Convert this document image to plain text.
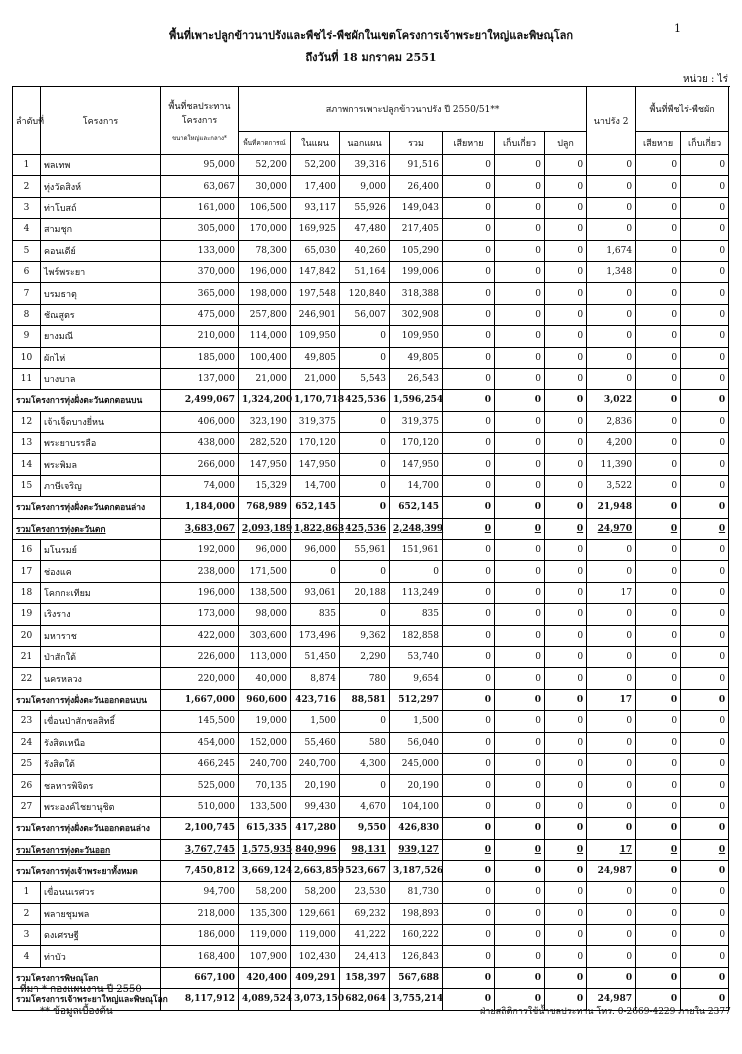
1
พื้นที่เพาะปลูกข้าวนาปรังและพืชไร่-พืชผักในเขตโครงการเจ้าพระยาใหญ่และพิษณุโลก
ถึงวันที่ 18 มกราคม 2551
หน่วย : ไร่
ลำดับที่	โครงการ	พื้นที่ชลประทานโครงการ
ขนาดใหญ่และกลาง*	สภาพการเพาะปลูกข้าวนาปรัง ปี 2550/51**							นาปรัง 2	พื้นที่พืชไร่-พืชผัก	
			พื้นที่คาดการณ์	ในแผน	นอกแผน	รวม	เสียหาย	เก็บเกี่ยว	ปลูก		เสียหาย	เก็บเกี่ยว
1	พลเทพ	95,000	52,200	52,200	39,316	91,516	0	0	0	0	0	0
2	ทุ่งวัดสิงห์	63,067	30,000	17,400	9,000	26,400	0	0	0	0	0	0
3	ท่าโบสถ์	161,000	106,500	93,117	55,926	149,043	0	0	0	0	0	0
4	สามชุก	305,000	170,000	169,925	47,480	217,405	0	0	0	0	0	0
5	คอนเดีย์	133,000	78,300	65,030	40,260	105,290	0	0	0	1,674	0	0
6	ไพร์พระยา	370,000	196,000	147,842	51,164	199,006	0	0	0	1,348	0	0
7	บรมธาตุ	365,000	198,000	197,548	120,840	318,388	0	0	0	0	0	0
8	ชัณสูตร	475,000	257,800	246,901	56,007	302,908	0	0	0	0	0	0
9	ยางมณี	210,000	114,000	109,950	0	109,950	0	0	0	0	0	0
10	ผักไห่	185,000	100,400	49,805	0	49,805	0	0	0	0	0	0
11	บางบาล	137,000	21,000	21,000	5,543	26,543	0	0	0	0	0	0
รวมโครงการทุ่งฝั่งตะวันตกตอนบน		2,499,067	1,324,200	1,170,718	425,536	1,596,254	0	0	0	3,022	0	0
12	เจ้าเจ็ดบางยี่หน	406,000	323,190	319,375	0	319,375	0	0	0	2,836	0	0
13	พระยาบรรลือ	438,000	282,520	170,120	0	170,120	0	0	0	4,200	0	0
14	พระพิมล	266,000	147,950	147,950	0	147,950	0	0	0	11,390	0	0
15	ภาษีเจริญ	74,000	15,329	14,700	0	14,700	0	0	0	3,522	0	0
รวมโครงการทุ่งฝั่งตะวันตกตอนล่าง		1,184,000	768,989	652,145	0	652,145	0	0	0	21,948	0	0
รวมโครงการทุ่งตะวันตก		3,683,067	2,093,189	1,822,863	425,536	2,248,399	0	0	0	24,970	0	0
16	มโนรมย์	192,000	96,000	96,000	55,961	151,961	0	0	0	0	0	0
17	ช่องแค	238,000	171,500	0	0	0	0	0	0	0	0	0
18	โคกกะเทียม	196,000	138,500	93,061	20,188	113,249	0	0	0	17	0	0
19	เริงราง	173,000	98,000	835	0	835	0	0	0	0	0	0
20	มหาราช	422,000	303,600	173,496	9,362	182,858	0	0	0	0	0	0
21	ป่าสักใต้	226,000	113,000	51,450	2,290	53,740	0	0	0	0	0	0
22	นครหลวง	220,000	40,000	8,874	780	9,654	0	0	0	0	0	0
รวมโครงการทุ่งฝั่งตะวันออกตอนบน		1,667,000	960,600	423,716	88,581	512,297	0	0	0	17	0	0
23	เขื่อนป่าสักชลสิทธิ์	145,500	19,000	1,500	0	1,500	0	0	0	0	0	0
24	รังสิตเหนือ	454,000	152,000	55,460	580	56,040	0	0	0	0	0	0
25	รังสิตใต้	466,245	240,700	240,700	4,300	245,000	0	0	0	0	0	0
26	ชลหารพิจิตร	525,000	70,135	20,190	0	20,190	0	0	0	0	0	0
27	พระองค์ไชยานุชิต	510,000	133,500	99,430	4,670	104,100	0	0	0	0	0	0
รวมโครงการทุ่งฝั่งตะวันออกตอนล่าง		2,100,745	615,335	417,280	9,550	426,830	0	0	0	0	0	0
รวมโครงการทุ่งตะวันออก		3,767,745	1,575,935	840,996	98,131	939,127	0	0	0	17	0	0
รวมโครงการทุ่งเจ้าพระยาทั้งหมด		7,450,812	3,669,124	2,663,859	523,667	3,187,526	0	0	0	24,987	0	0
1	เขื่อนนเรศวร	94,700	58,200	58,200	23,530	81,730	0	0	0	0	0	0
2	พลายชุมพล	218,000	135,300	129,661	69,232	198,893	0	0	0	0	0	0
3	ดงเศรษฐี	186,000	119,000	119,000	41,222	160,222	0	0	0	0	0	0
4	ท่าบัว	168,400	107,900	102,430	24,413	126,843	0	0	0	0	0	0
รวมโครงการพิษณุโลก		667,100	420,400	409,291	158,397	567,688	0	0	0	0	0	0
รวมโครงการเจ้าพระยาใหญ่และพิษณุโลก		8,117,912	4,089,524	3,073,150	682,064	3,755,214	0	0	0	24,987	0	0
ที่มา * กองแผนงาน ปี 2550
** ข้อมูลเบื้องต้น	ฝ่ายสถิติการใช้น้ำชลประทาน โทร. 0-2669-4229 ภายใน 2377
